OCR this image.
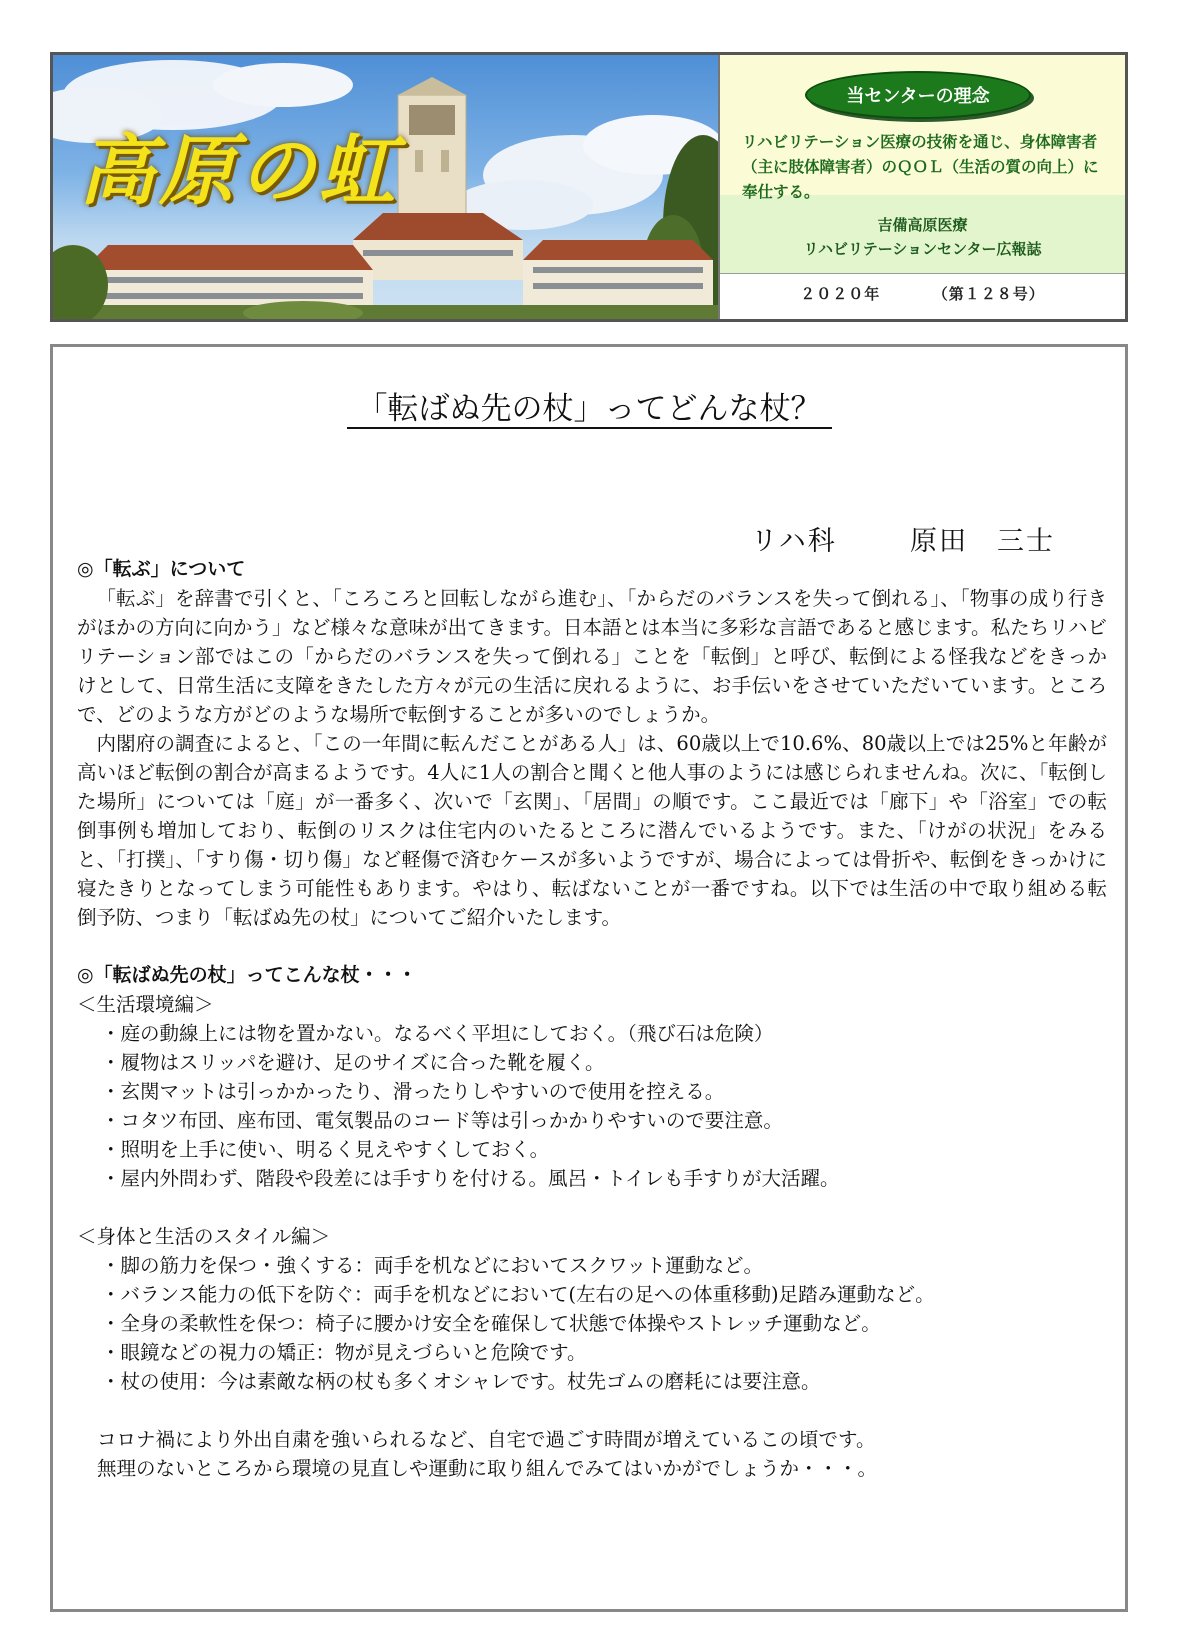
高原の虹
当センターの理念
リハビリテーション医療の技術を通じ、身体障害者（主に肢体障害者）のＱＯＬ（生活の質の向上）に奉仕する。
吉備高原医療
リハビリテーションセンター広報誌
２０２０年	（第１２８号）
「転ばぬ先の杖」ってどんな杖？
リハ科	原田　三士
◎「転ぶ」について
「転ぶ」を辞書で引くと、「ころころと回転しながら進む」、「からだのバランスを失って倒れる」、「物事の成り行きがほかの方向に向かう」など様々な意味が出てきます。日本語とは本当に多彩な言語であると感じます。私たちリハビリテーション部ではこの「からだのバランスを失って倒れる」ことを「転倒」と呼び、転倒による怪我などをきっかけとして、日常生活に支障をきたした方々が元の生活に戻れるように、お手伝いをさせていただいています。ところで、どのような方がどのような場所で転倒することが多いのでしょうか。
内閣府の調査によると、「この一年間に転んだことがある人」は、60歳以上で10.6%、80歳以上では25%と年齢が高いほど転倒の割合が高まるようです。4人に1人の割合と聞くと他人事のようには感じられませんね。次に、「転倒した場所」については「庭」が一番多く、次いで「玄関」、「居間」の順です。ここ最近では「廊下」や「浴室」での転倒事例も増加しており、転倒のリスクは住宅内のいたるところに潜んでいるようです。また、「けがの状況」をみると、「打撲」、「すり傷・切り傷」など軽傷で済むケースが多いようですが、場合によっては骨折や、転倒をきっかけに寝たきりとなってしまう可能性もあります。やはり、転ばないことが一番ですね。以下では生活の中で取り組める転倒予防、つまり「転ばぬ先の杖」についてご紹介いたします。
◎「転ばぬ先の杖」ってこんな杖・・・
＜生活環境編＞
・庭の動線上には物を置かない。なるべく平坦にしておく。（飛び石は危険）
・履物はスリッパを避け、足のサイズに合った靴を履く。
・玄関マットは引っかかったり、滑ったりしやすいので使用を控える。
・コタツ布団、座布団、電気製品のコード等は引っかかりやすいので要注意。
・照明を上手に使い、明るく見えやすくしておく。
・屋内外問わず、階段や段差には手すりを付ける。風呂・トイレも手すりが大活躍。
＜身体と生活のスタイル編＞
・脚の筋力を保つ・強くする：両手を机などにおいてスクワット運動など。
・バランス能力の低下を防ぐ：両手を机などにおいて(左右の足への体重移動)足踏み運動など。
・全身の柔軟性を保つ：椅子に腰かけ安全を確保して状態で体操やストレッチ運動など。
・眼鏡などの視力の矯正：物が見えづらいと危険です。
・杖の使用：今は素敵な柄の杖も多くオシャレです。杖先ゴムの磨耗には要注意。
コロナ禍により外出自粛を強いられるなど、自宅で過ごす時間が増えているこの頃です。
無理のないところから環境の見直しや運動に取り組んでみてはいかがでしょうか・・・。
